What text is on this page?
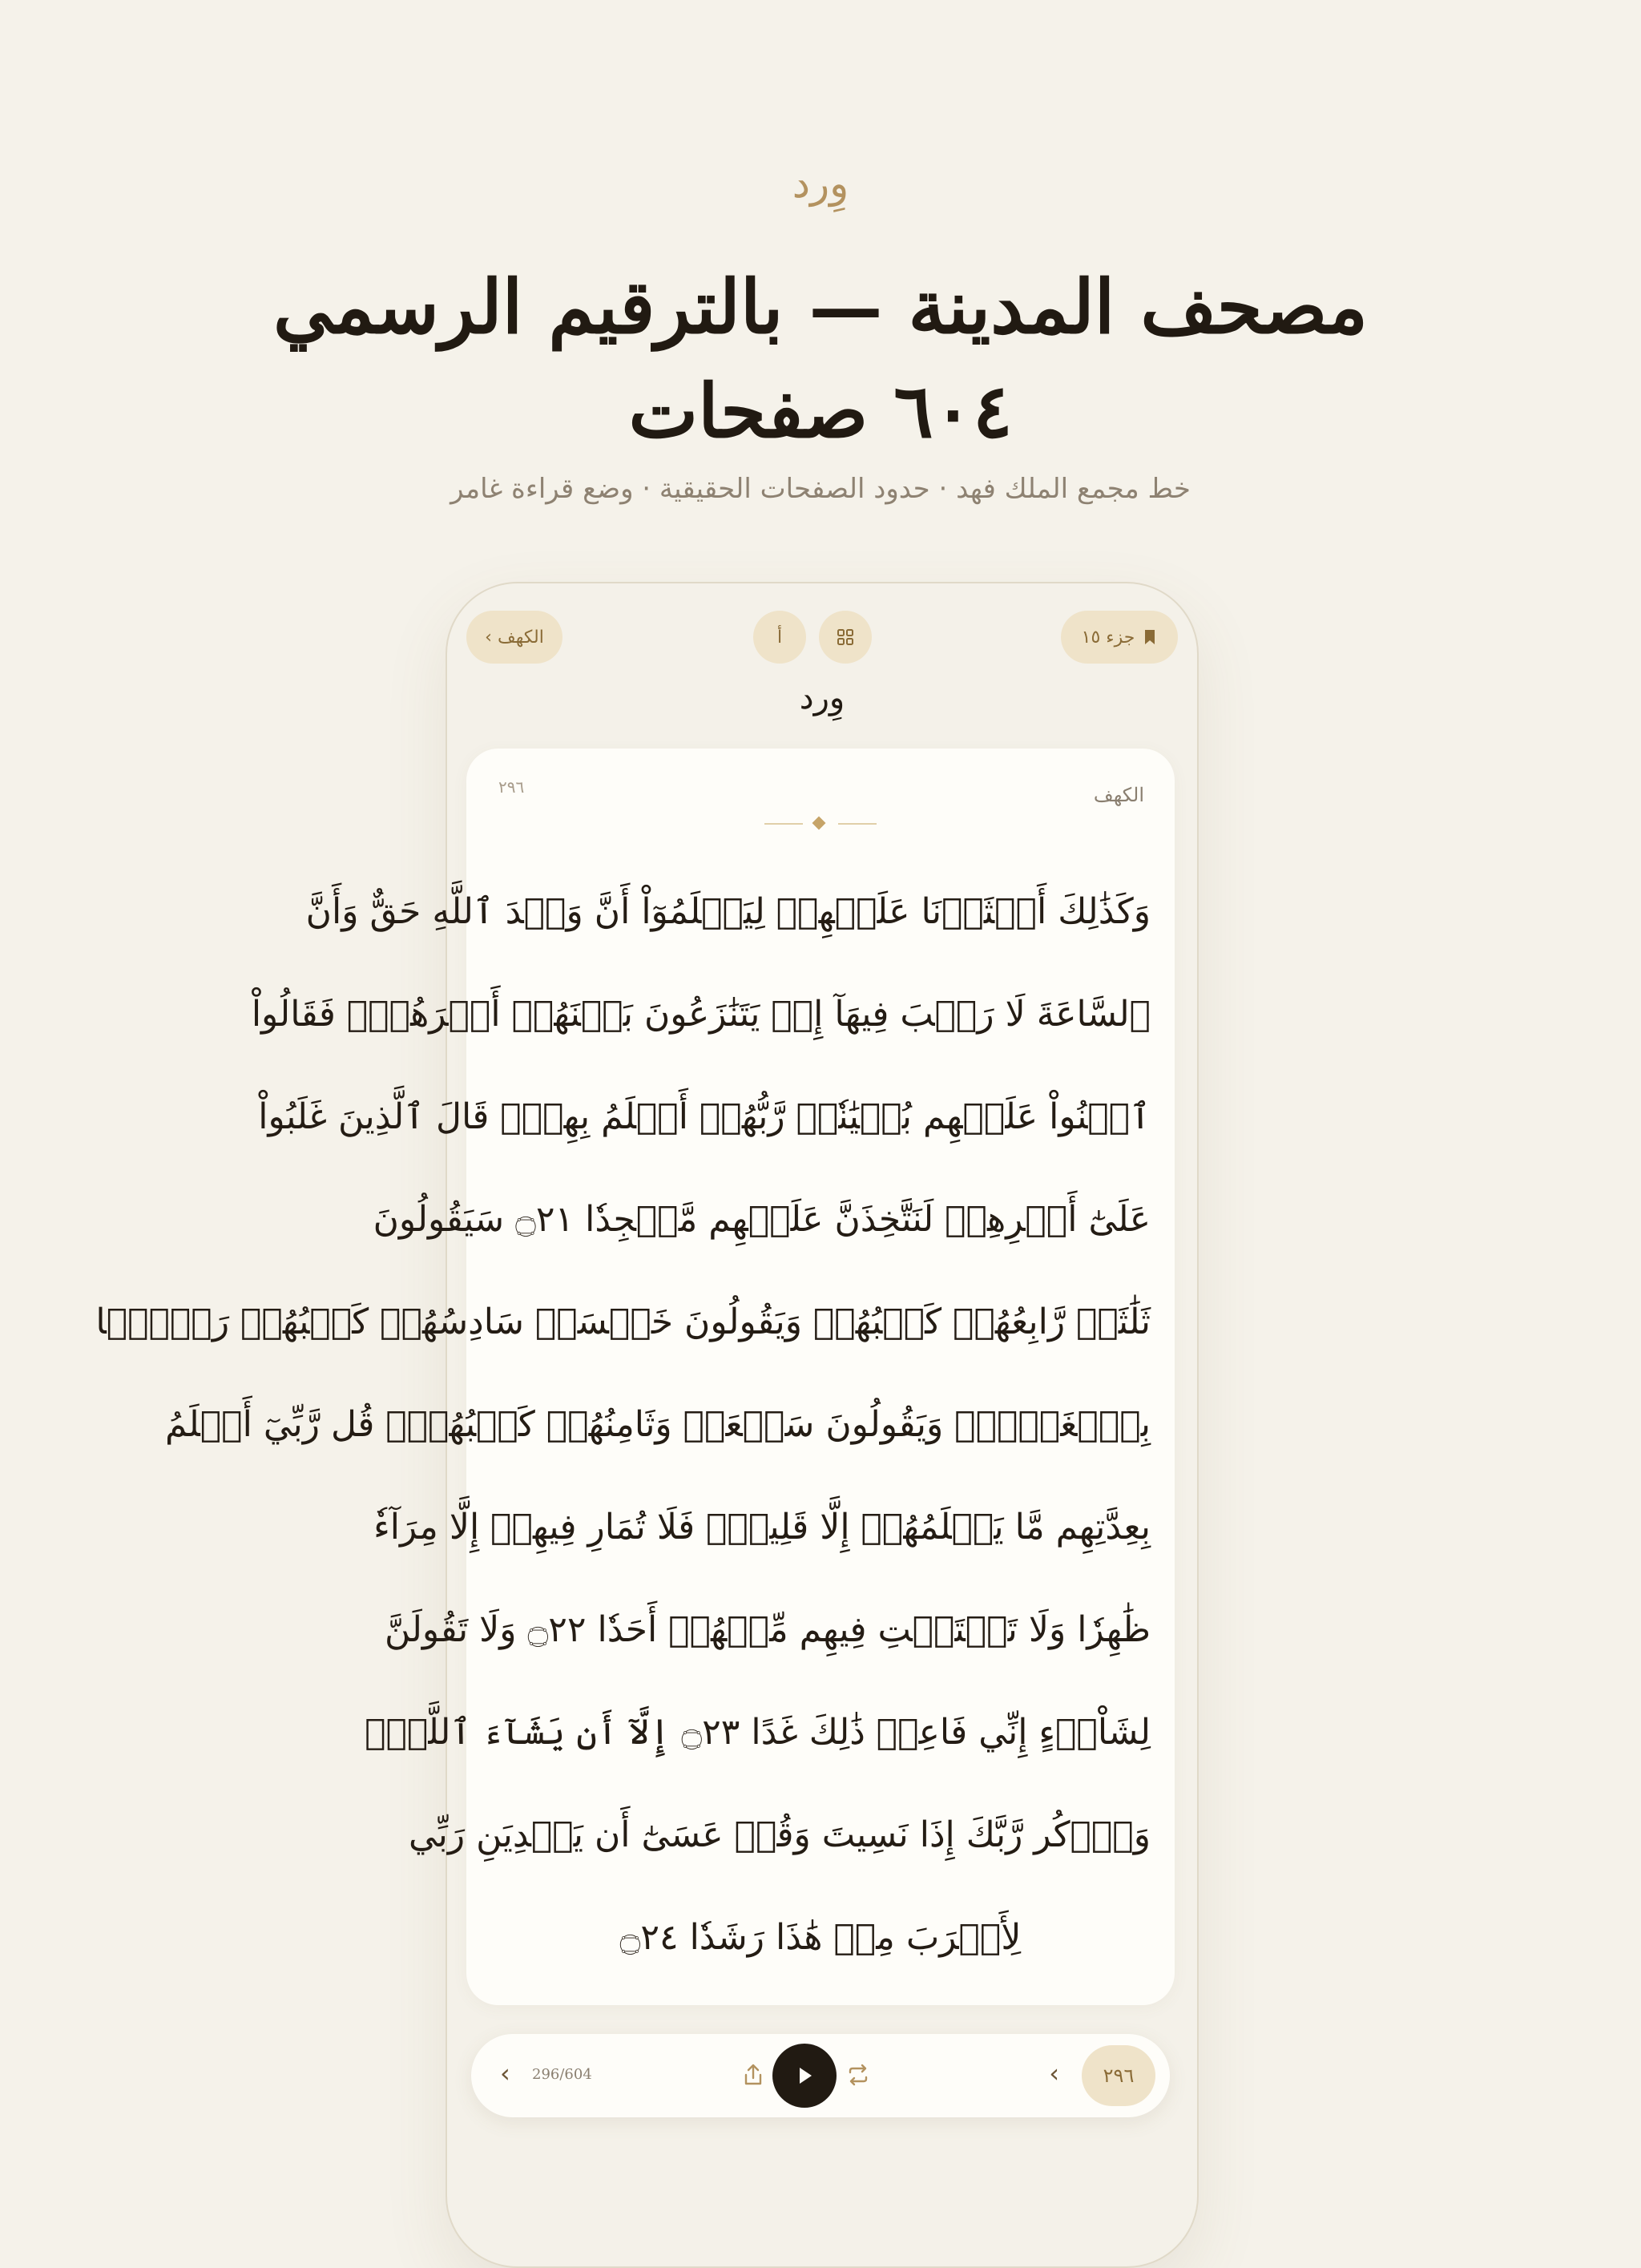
وِرد
مصحف المدينة — بالترقيم الرسمي
٦٠٤ صفحات
خط مجمع الملك فهد · حدود الصفحات الحقيقية · وضع قراءة غامر
‹ الكهف	أ	جزء ١٥
وِرد
الكهف
٢٩٦
وَكَذَٰلِكَ أَعۡثَرۡنَا عَلَيۡهِمۡ لِيَعۡلَمُوٓاْ أَنَّ وَعۡدَ ٱللَّهِ حَقٌّ وَأَنَّ
ٱلسَّاعَةَ لَا رَيۡبَ فِيهَآ إِذۡ يَتَنَٰزَعُونَ بَيۡنَهُمۡ أَمۡرَهُمۡۖ فَقَالُواْ
ٱبۡنُواْ عَلَيۡهِم بُنۡيَٰنٗاۖ رَّبُّهُمۡ أَعۡلَمُ بِهِمۡۚ قَالَ ٱلَّذِينَ غَلَبُواْ
عَلَىٰٓ أَمۡرِهِمۡ لَنَتَّخِذَنَّ عَلَيۡهِم مَّسۡجِدٗا ۝٢١ سَيَقُولُونَ
ثَلَٰثَةٞ رَّابِعُهُمۡ كَلۡبُهُمۡ وَيَقُولُونَ خَمۡسَةٞ سَادِسُهُمۡ كَلۡبُهُمۡ رَجۡمَۢا
بِٱلۡغَيۡبِۖ وَيَقُولُونَ سَبۡعَةٞ وَثَامِنُهُمۡ كَلۡبُهُمۡۚ قُل رَّبِّيٓ أَعۡلَمُ
بِعِدَّتِهِم مَّا يَعۡلَمُهُمۡ إِلَّا قَلِيلٞۗ فَلَا تُمَارِ فِيهِمۡ إِلَّا مِرَآءٗ
ظَٰهِرٗا وَلَا تَسۡتَفۡتِ فِيهِم مِّنۡهُمۡ أَحَدٗا ۝٢٢ وَلَا تَقُولَنَّ
لِشَاْيۡءٍ إِنِّي فَاعِلٞ ذَٰلِكَ غَدًا ۝٢٣ إِلَّآ أَن يَشَآءَ ٱللَّهُۚ
وَٱذۡكُر رَّبَّكَ إِذَا نَسِيتَ وَقُلۡ عَسَىٰٓ أَن يَهۡدِيَنِ رَبِّي
لِأَقۡرَبَ مِنۡ هَٰذَا رَشَدٗا ۝٢٤
‹ 296/604	‹	٢٩٦
